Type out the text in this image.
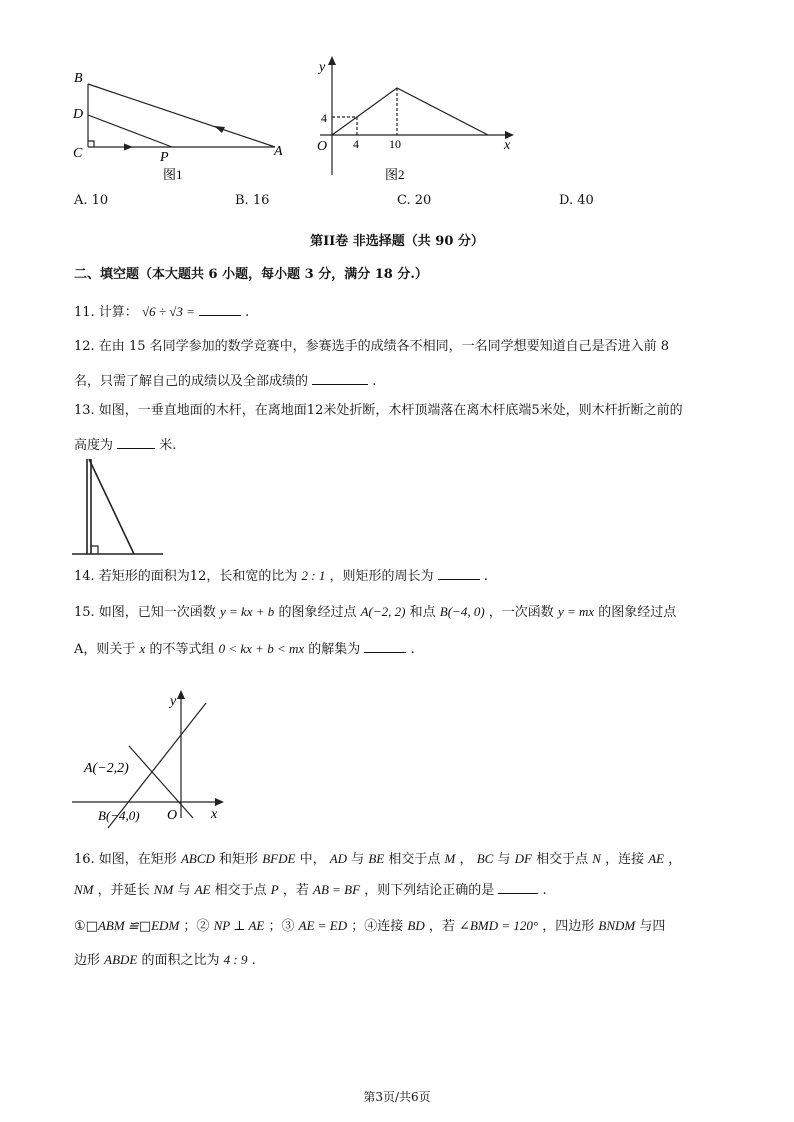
B
D
C	P	A
图1
y
x
O
4
4	10
图2
A. 10	B. 16	C. 20	D. 40
第II卷 非选择题（共 90 分）
二、填空题（本大题共 6 小题，每小题 3 分，满分 18 分.）
11. 计算： √6 ÷ √3 =	.
12. 在由 15 名同学参加的数学竞赛中，参赛选手的成绩各不相同，一名同学想要知道自己是否进入前 8
名，只需了解自己的成绩以及全部成绩的	.
13. 如图，一垂直地面的木杆，在离地面12米处折断，木杆顶端落在离木杆底端5米处，则木杆折断之前的
高度为	米.
14. 若矩形的面积为12，长和宽的比为 2 : 1 ，则矩形的周长为	.
15. 如图，已知一次函数 y = kx + b 的图象经过点 A(−2, 2) 和点 B(−4, 0) ，一次函数 y = mx 的图象经过点
A，则关于 x 的不等式组 0 < kx + b < mx 的解集为	.
y
x
O
A(−2,2)
B(−4,0)
16. 如图，在矩形 ABCD 和矩形 BFDE 中， AD 与 BE 相交于点 M ， BC 与 DF 相交于点 N ，连接 AE ，
NM ，并延长 NM 与 AE 相交于点 P ，若 AB = BF ，则下列结论正确的是	.
①□ABM ≌□EDM ；② NP ⊥ AE ；③ AE = ED ；④连接 BD ，若 ∠BMD = 120° ，四边形 BNDM 与四
边形 ABDE 的面积之比为 4 : 9 .
第3页/共6页
